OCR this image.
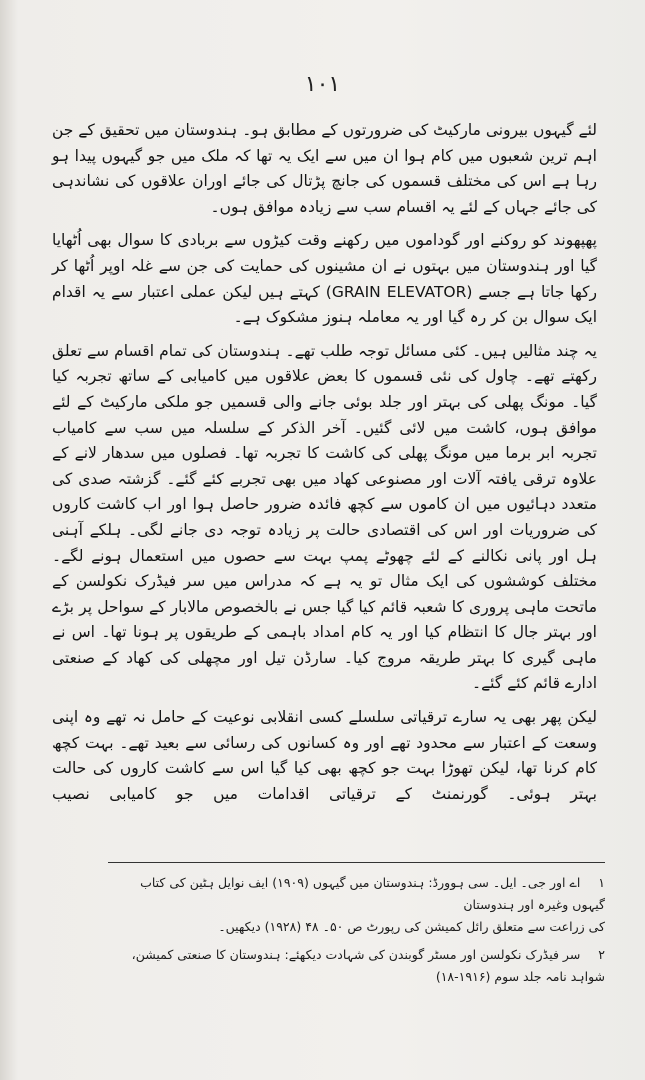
۱۰۱

لئے گیہوں بیرونی مارکیٹ کی ضرورتوں کے مطابق ہو۔ ہندوستان میں تحقیق کے جن اہم ترین شعبوں میں کام ہوا ان میں سے ایک یہ تھا کہ ملک میں جو گیہوں پیدا ہو رہا ہے اس کی مختلف قسموں کی جانچ پڑتال کی جائے اوران علاقوں کی نشاندہی کی جائے جہاں کے لئے یہ اقسام سب سے زیادہ موافق ہوں۔

پھپھوند کو روکنے اور گوداموں میں رکھنے وقت کیڑوں سے بربادی کا سوال بھی اُٹھایا گیا اور ہندوستان میں بہتوں نے ان مشینوں کی حمایت کی جن سے غلہ اوپر اُٹھا کر رکھا جاتا ہے جسے (GRAIN ELEVATOR) کہتے ہیں لیکن عملی اعتبار سے یہ اقدام ایک سوال بن کر رہ گیا اور یہ معاملہ ہنوز مشکوک ہے۔

یہ چند مثالیں ہیں۔ کئی مسائل توجہ طلب تھے۔ ہندوستان کی تمام اقسام سے تعلق رکھتے تھے۔ چاول کی نئی قسموں کا بعض علاقوں میں کامیابی کے ساتھ تجربہ کیا گیا۔ مونگ پھلی کی بہتر اور جلد بوئی جانے والی قسمیں جو ملکی مارکیٹ کے لئے موافق ہوں، کاشت میں لائی گئیں۔ آخر الذکر کے سلسلہ میں سب سے کامیاب تجربہ ابر برما میں مونگ پھلی کی کاشت کا تجربہ تھا۔ فصلوں میں سدھار لانے کے علاوہ ترقی یافتہ آلات اور مصنوعی کھاد میں بھی تجربے کئے گئے۔ گزشتہ صدی کی متعدد دہائیوں میں ان کاموں سے کچھ فائدہ ضرور حاصل ہوا اور اب کاشت کاروں کی ضروریات اور اس کی اقتصادی حالت پر زیادہ توجہ دی جانے لگی۔ ہلکے آہنی ہل اور پانی نکالنے کے لئے چھوٹے پمپ بہت سے حصوں میں استعمال ہونے لگے۔ مختلف کوششوں کی ایک مثال تو یہ ہے کہ مدراس میں سر فیڈرک نکولسن کے ماتحت ماہی پروری کا شعبہ قائم کیا گیا جس نے بالخصوص مالابار کے سواحل پر بڑے اور بہتر جال کا انتظام کیا اور یہ کام امداد باہمی کے طریقوں پر ہونا تھا۔ اس نے ماہی گیری کا بہتر طریقہ مروج کیا۔ سارڈن تیل اور مچھلی کی کھاد کے صنعتی ادارے قائم کئے گئے۔

لیکن پھر بھی یہ سارے ترقیاتی سلسلے کسی انقلابی نوعیت کے حامل نہ تھے وہ اپنی وسعت کے اعتبار سے محدود تھے اور وہ کسانوں کی رسائی سے بعید تھے۔ بہت کچھ کام کرنا تھا، لیکن تھوڑا بہت جو کچھ بھی کیا گیا اس سے کاشت کاروں کی حالت بہتر ہوئی۔ گورنمنٹ کے ترقیاتی اقدامات میں جو کامیابی نصیب

۱ اے اور جی۔ ایل۔ سی ہوورڈ: ہندوستان میں گیہوں (۱۹۰۹) ایف نوایل ہٹین کی کتاب گیہوں وغیرہ اور ہندوستان
کی زراعت سے متعلق رائل کمیشن کی رپورٹ ص ۵۰۔ ۴۸ (۱۹۲۸) دیکھیں۔

۲ سر فیڈرک نکولسن اور مسٹر گوبندن کی شہادت دیکھئے: ہندوستان کا صنعتی کمیشن، شواہد نامہ جلد سوم (۱۹۱۶-۱۸)
